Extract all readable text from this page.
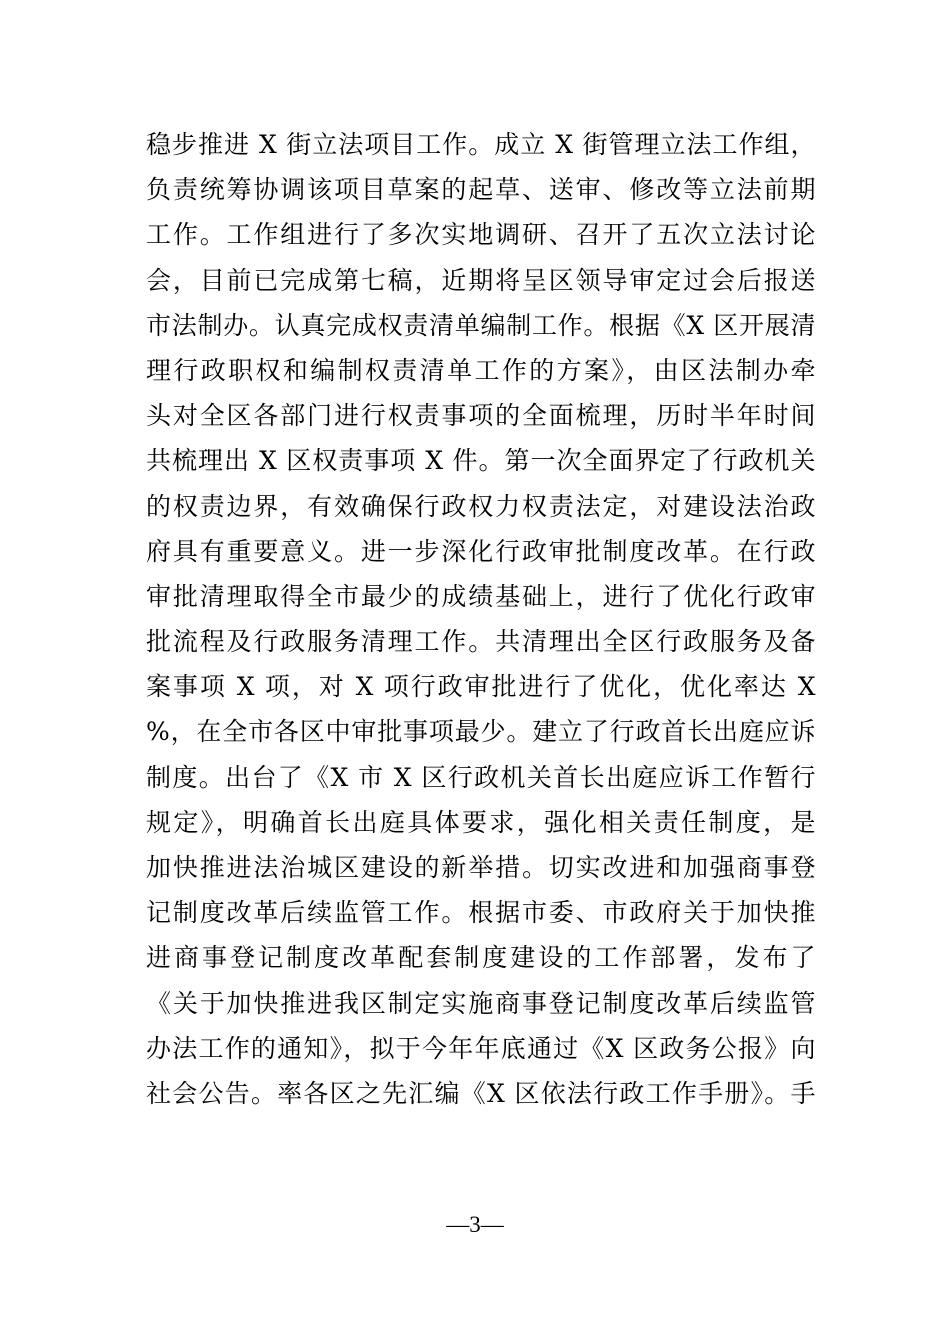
稳步推进 X 街立法项目工作。成立 X 街管理立法工作组，
负责统筹协调该项目草案的起草、送审、修改等立法前期
工作。工作组进行了多次实地调研、召开了五次立法讨论
会，目前已完成第七稿，近期将呈区领导审定过会后报送
市法制办。认真完成权责清单编制工作。根据《X 区开展清
理行政职权和编制权责清单工作的方案》，由区法制办牵
头对全区各部门进行权责事项的全面梳理，历时半年时间
共梳理出 X 区权责事项 X 件。第一次全面界定了行政机关
的权责边界，有效确保行政权力权责法定，对建设法治政
府具有重要意义。进一步深化行政审批制度改革。在行政
审批清理取得全市最少的成绩基础上，进行了优化行政审
批流程及行政服务清理工作。共清理出全区行政服务及备
案事项 X 项，对 X 项行政审批进行了优化，优化率达 X
%，在全市各区中审批事项最少。建立了行政首长出庭应诉
制度。出台了《X 市 X 区行政机关首长出庭应诉工作暂行
规定》，明确首长出庭具体要求，强化相关责任制度，是
加快推进法治城区建设的新举措。切实改进和加强商事登
记制度改革后续监管工作。根据市委、市政府关于加快推
进商事登记制度改革配套制度建设的工作部署，发布了
《关于加快推进我区制定实施商事登记制度改革后续监管
办法工作的通知》，拟于今年年底通过《X 区政务公报》向
社会公告。率各区之先汇编《X 区依法行政工作手册》。手
—3—
